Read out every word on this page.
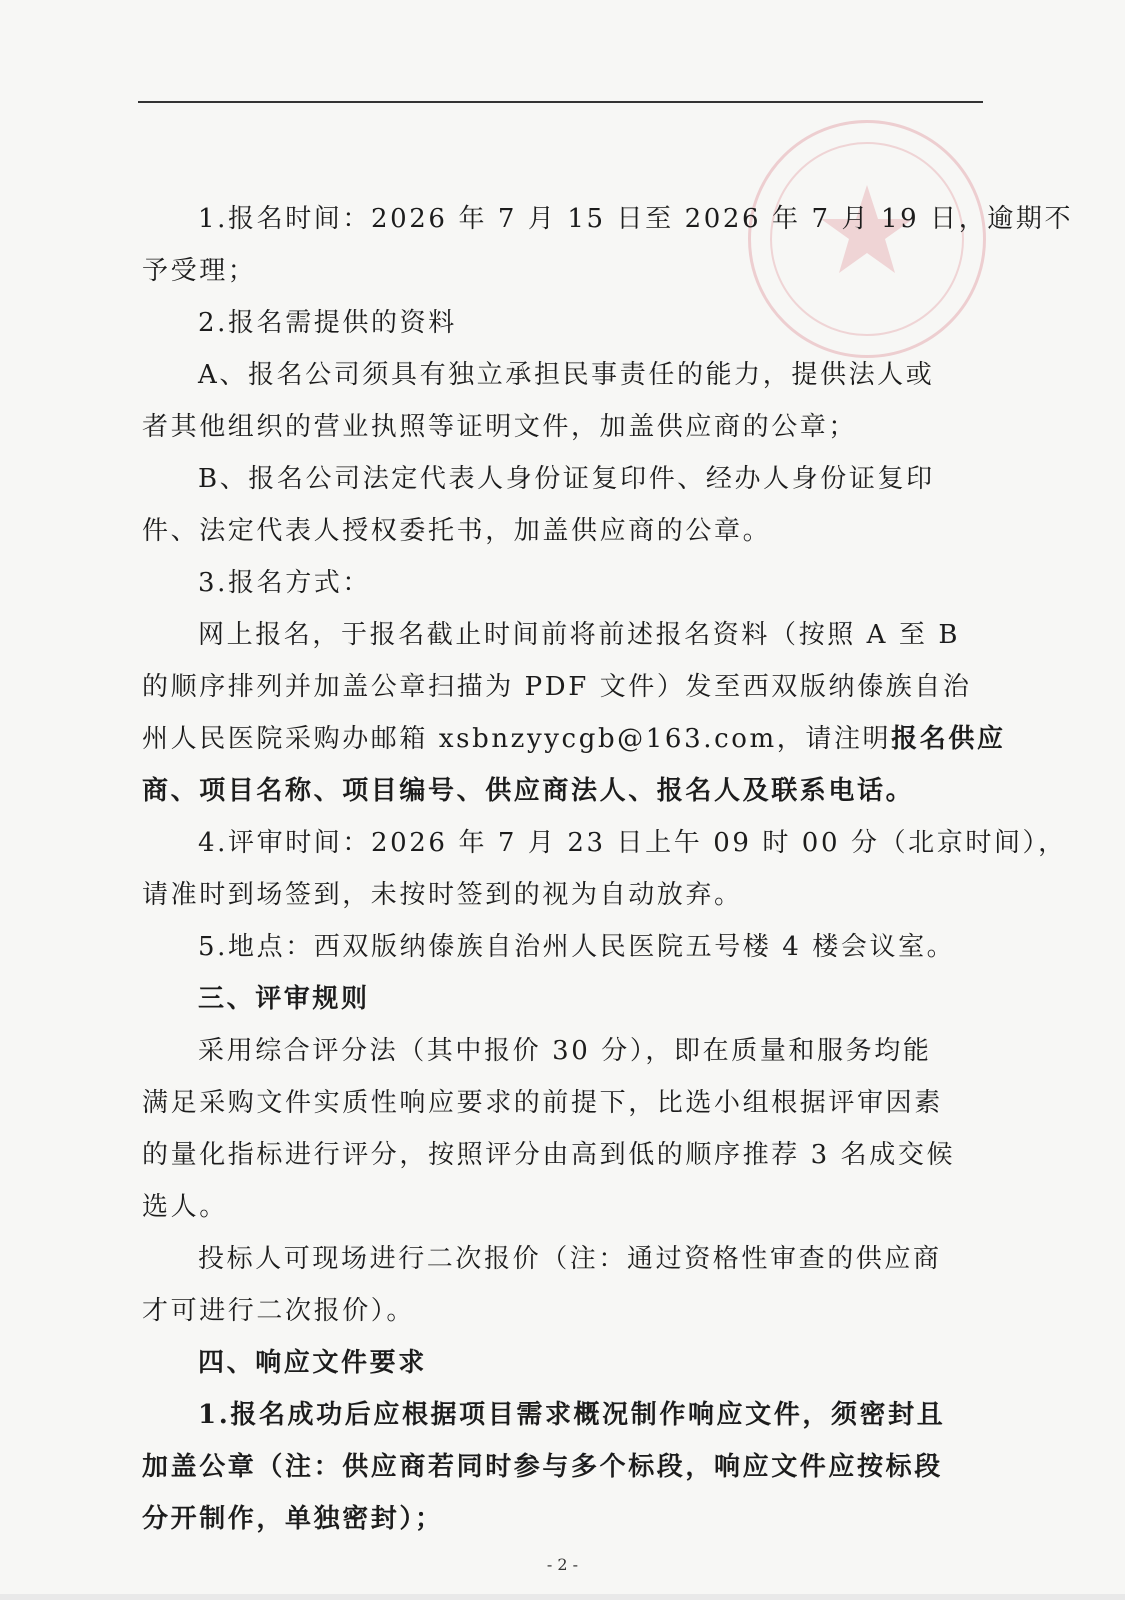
1.报名时间：2026 年 7 月 15 日至 2026 年 7 月 19 日，逾期不
予受理；
2.报名需提供的资料
A、报名公司须具有独立承担民事责任的能力，提供法人或
者其他组织的营业执照等证明文件，加盖供应商的公章；
B、报名公司法定代表人身份证复印件、经办人身份证复印
件、法定代表人授权委托书，加盖供应商的公章。
3.报名方式：
网上报名，于报名截止时间前将前述报名资料（按照 A 至 B
的顺序排列并加盖公章扫描为 PDF 文件）发至西双版纳傣族自治
州人民医院采购办邮箱 xsbnzyycgb@163.com，请注明报名供应
商、项目名称、项目编号、供应商法人、报名人及联系电话。
4.评审时间：2026 年 7 月 23 日上午 09 时 00 分（北京时间），
请准时到场签到，未按时签到的视为自动放弃。
5.地点：西双版纳傣族自治州人民医院五号楼 4 楼会议室。
三、评审规则
采用综合评分法（其中报价 30 分），即在质量和服务均能
满足采购文件实质性响应要求的前提下，比选小组根据评审因素
的量化指标进行评分，按照评分由高到低的顺序推荐 3 名成交候
选人。
投标人可现场进行二次报价（注：通过资格性审查的供应商
才可进行二次报价）。
四、响应文件要求
1.报名成功后应根据项目需求概况制作响应文件，须密封且
加盖公章（注：供应商若同时参与多个标段，响应文件应按标段
分开制作，单独密封）；
- 2 -
